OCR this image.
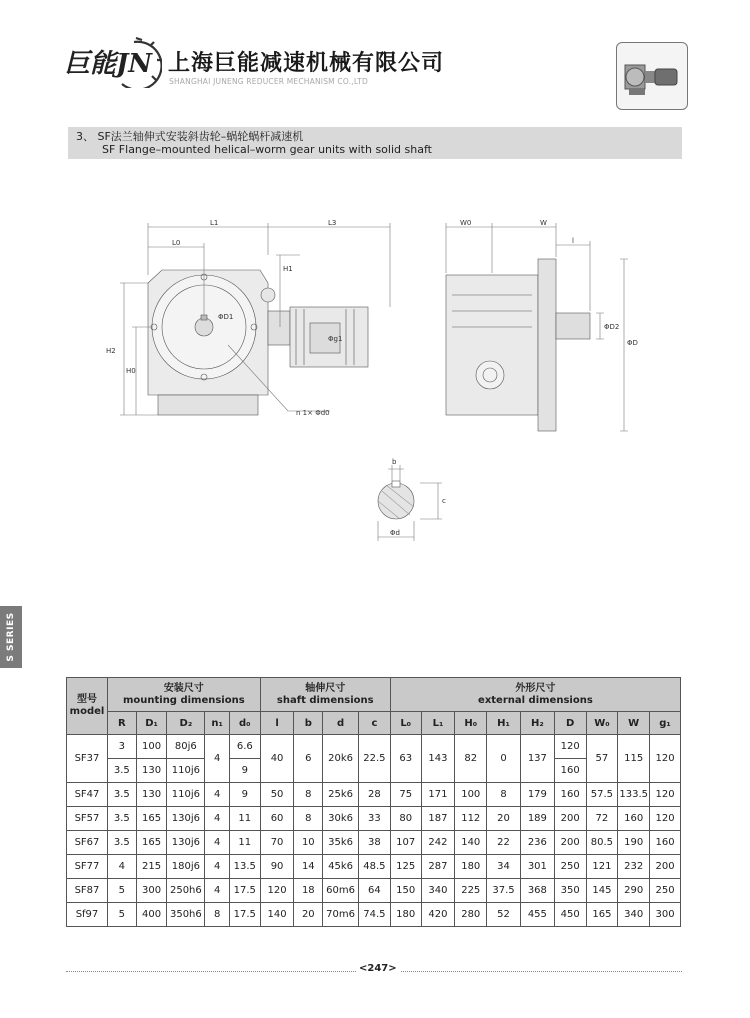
巨能JN 上海巨能减速机械有限公司
SHANGHAI JUNENG REDUCER MECHANISM CO.,LTD
3、 SF法兰轴伸式安装斜齿轮–蜗轮蜗杆减速机
SF Flange–mounted helical–worm gear units with solid shaft
L1	L3
L0
H1
H2
H0
ΦD1
Φg1
n 1× Φd0
W0	W
l
ΦD2
ΦD
b
c
Φd
S SERIES
型号
model	安装尺寸
mounting dimensions					轴伸尺寸
shaft dimensions				外形尺寸
external dimensions								
	R	D₁	D₂	n₁	d₀	l	b	d	c	L₀	L₁	H₀	H₁	H₂	D	W₀	W	g₁
SF37	3	100	80j6	4	6.6	40	6	20k6	22.5	63	143	82	0	137	120	57	115	120
	3.5	130	110j6		9										160			
SF47	3.5	130	110j6	4	9	50	8	25k6	28	75	171	100	8	179	160	57.5	133.5	120
SF57	3.5	165	130j6	4	11	60	8	30k6	33	80	187	112	20	189	200	72	160	120
SF67	3.5	165	130j6	4	11	70	10	35k6	38	107	242	140	22	236	200	80.5	190	160
SF77	4	215	180j6	4	13.5	90	14	45k6	48.5	125	287	180	34	301	250	121	232	200
SF87	5	300	250h6	4	17.5	120	18	60m6	64	150	340	225	37.5	368	350	145	290	250
Sf97	5	400	350h6	8	17.5	140	20	70m6	74.5	180	420	280	52	455	450	165	340	300
<247>
